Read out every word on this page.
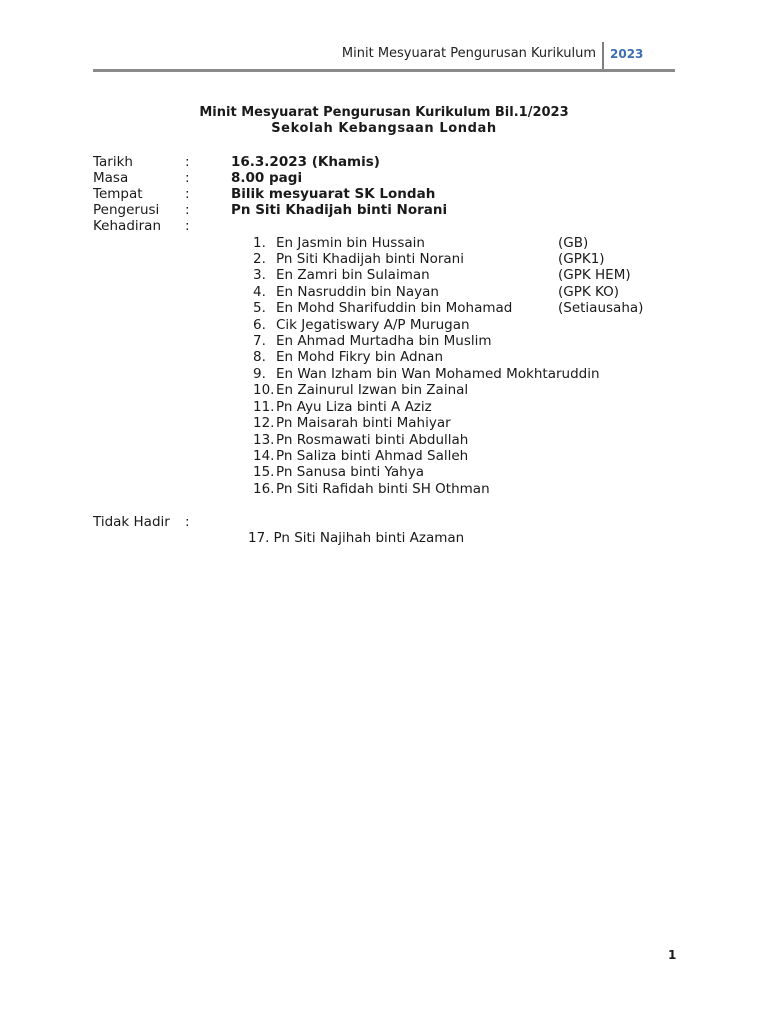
Minit Mesyuarat Pengurusan Kurikulum 2023
Minit Mesyuarat Pengurusan Kurikulum Bil.1/2023
Sekolah Kebangsaan Londah
Tarikh	:	16.3.2023 (Khamis)
Masa	:	8.00 pagi
Tempat	:	Bilik mesyuarat SK Londah
Pengerusi :	Pn Siti Khadijah binti Norani
Kehadiran :
1. En Jasmin bin Hussain	(GB)
2. Pn Siti Khadijah binti Norani	(GPK1)
3. En Zamri bin Sulaiman	(GPK HEM)
4. En Nasruddin bin Nayan	(GPK KO)
5. En Mohd Sharifuddin bin Mohamad	(Setiausaha)
6. Cik Jegatiswary A/P Murugan
7. En Ahmad Murtadha bin Muslim
8. En Mohd Fikry bin Adnan
9. En Wan Izham bin Wan Mohamed Mokhtaruddin
10. En Zainurul Izwan bin Zainal
11. Pn Ayu Liza binti A Aziz
12. Pn Maisarah binti Mahiyar
13. Pn Rosmawati binti Abdullah
14. Pn Saliza binti Ahmad Salleh
15. Pn Sanusa binti Yahya
16. Pn Siti Rafidah binti SH Othman
Tidak Hadir :
17. Pn Siti Najihah binti Azaman
1
